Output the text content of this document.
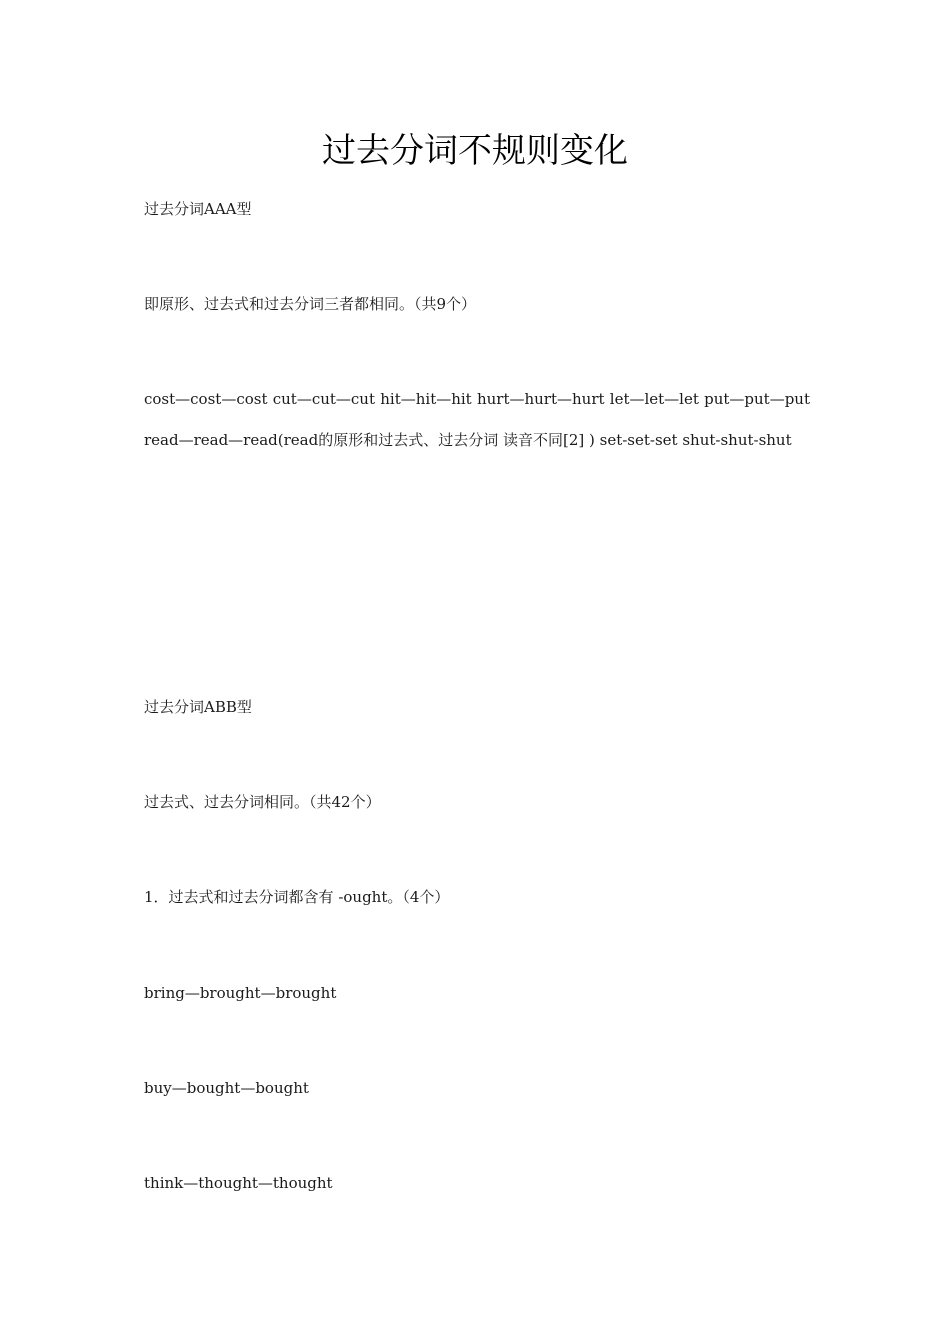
过去分词不规则变化
过去分词AAA型
即原形、过去式和过去分词三者都相同。（共9个）
cost—cost—cost cut—cut—cut hit—hit—hit hurt—hurt—hurt let—let—let put—put—put read—read—read(read的原形和过去式、过去分词 读音不同[2] ) set-set-set shut-shut-shut
过去分词ABB型
过去式、过去分词相同。（共42个）
1．过去式和过去分词都含有 -ought。（4个）
bring—brought—brought
buy—bought—bought
think—thought—thought
